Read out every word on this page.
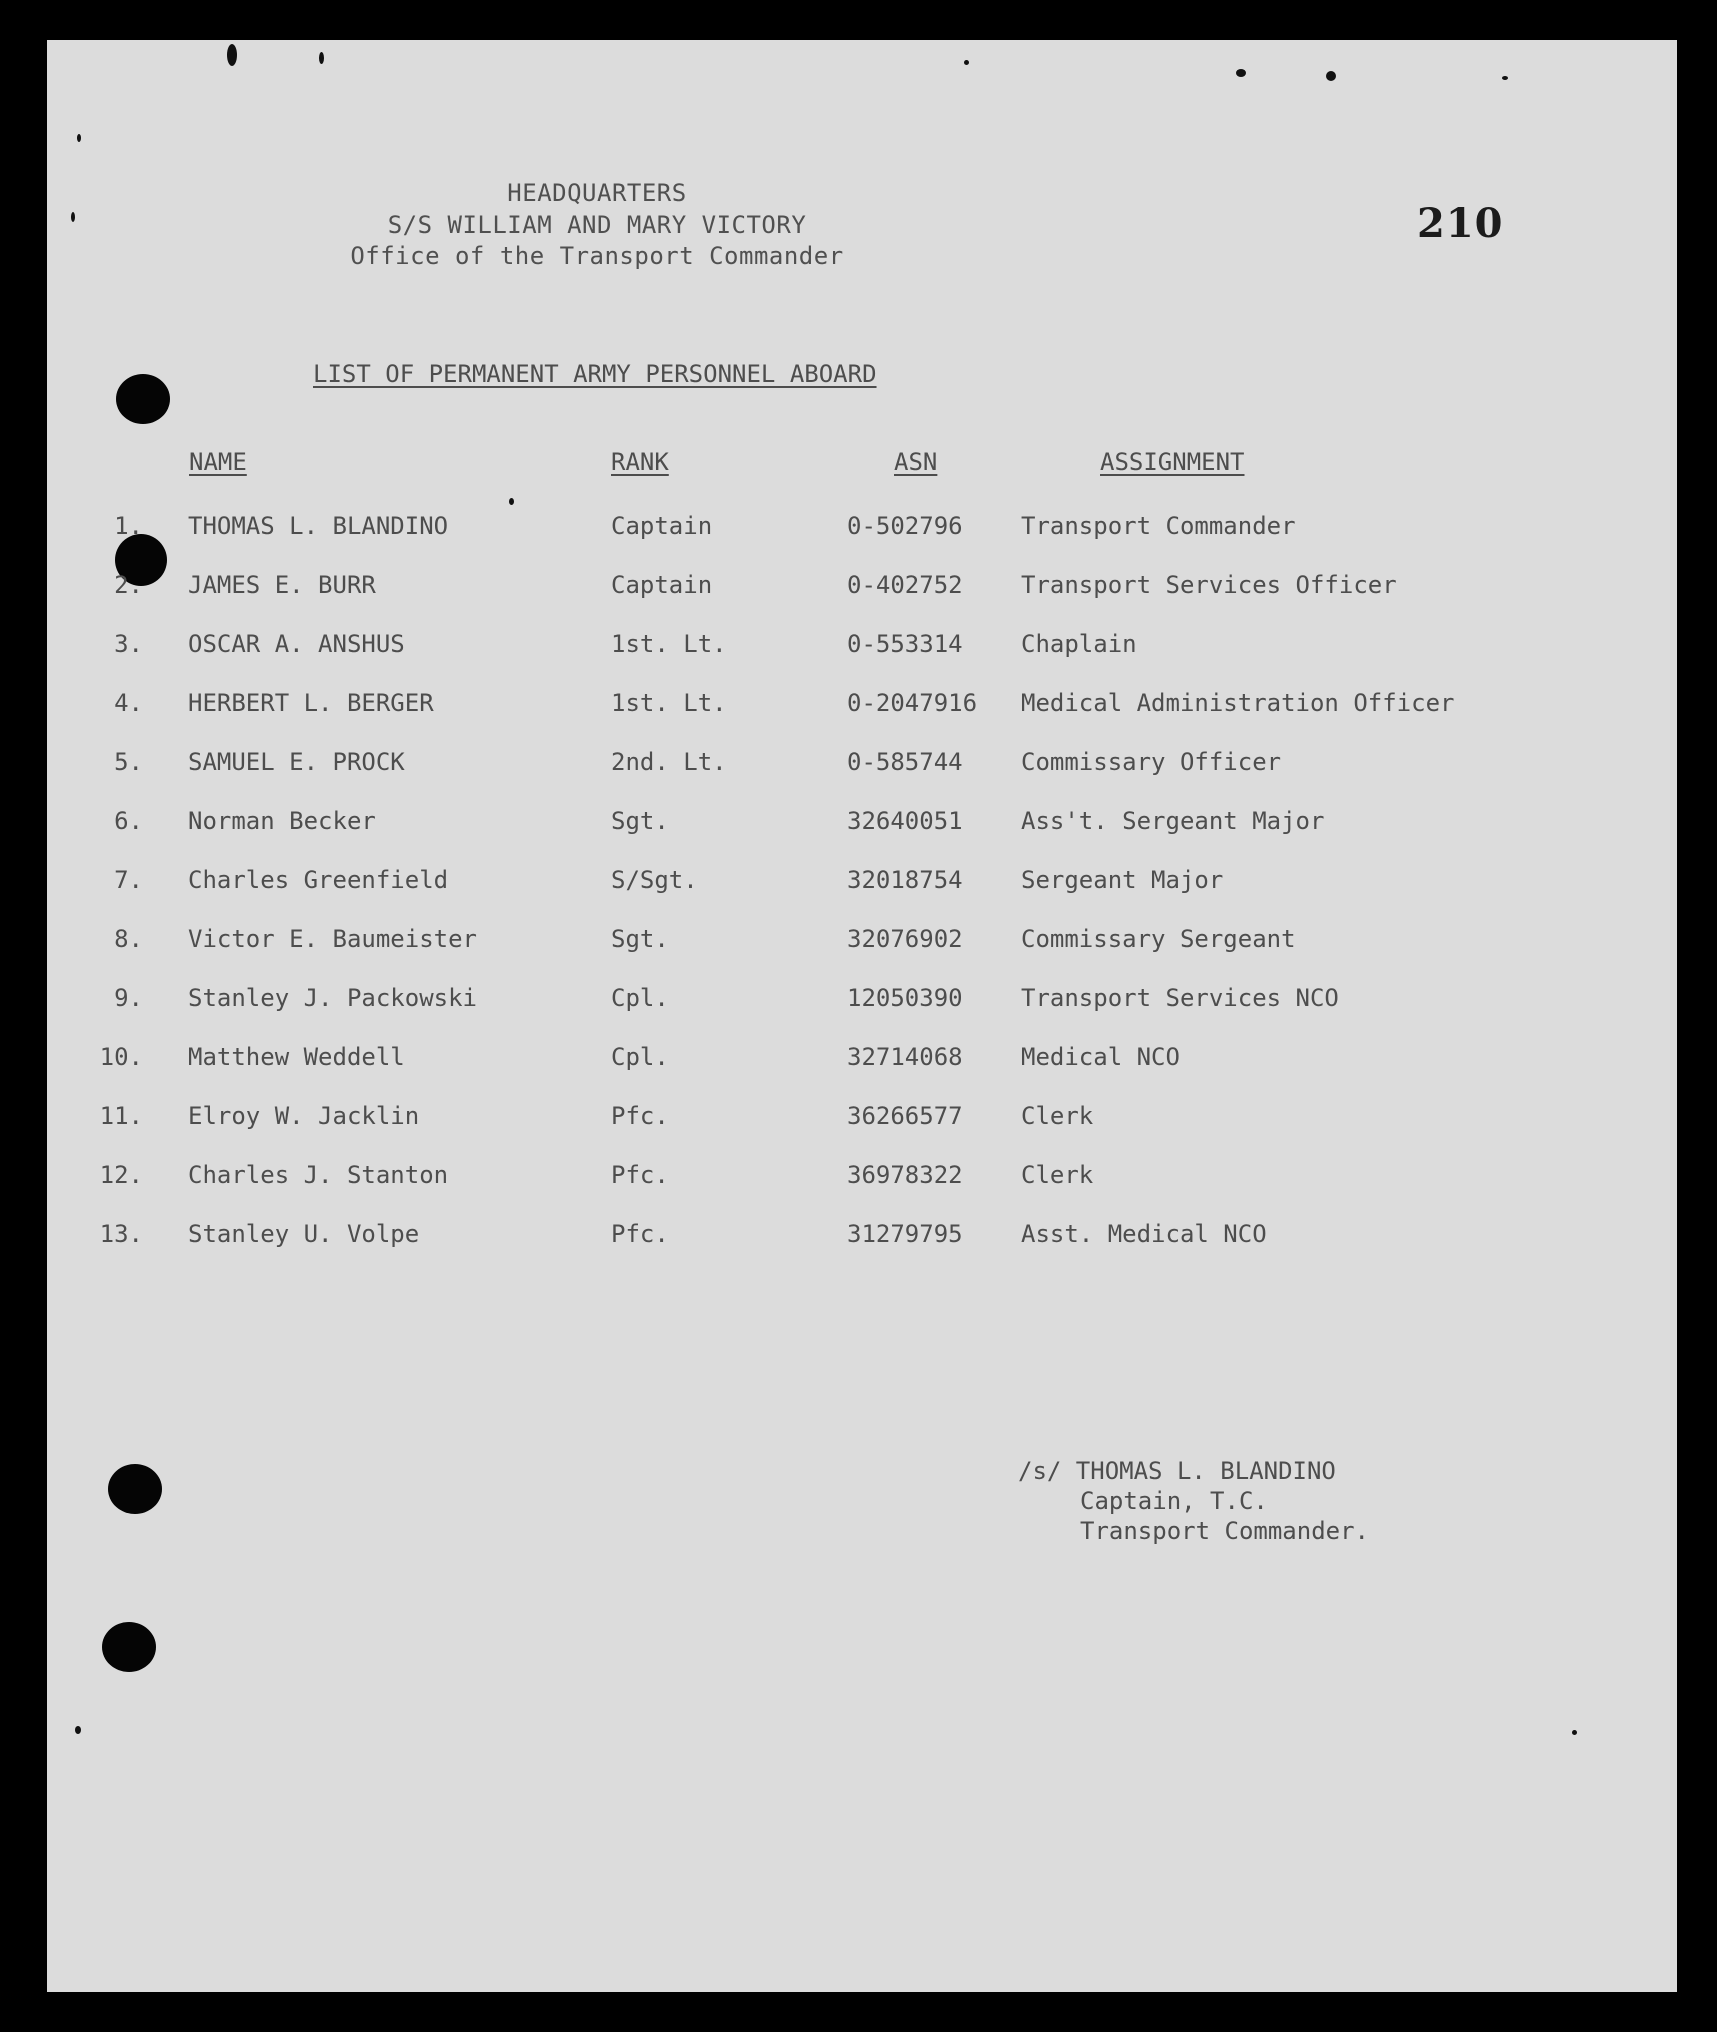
HEADQUARTERS
S/S WILLIAM AND MARY VICTORY
Office of the Transport Commander
210
LIST OF PERMANENT ARMY PERSONNEL ABOARD
NAME	RANK	ASN	ASSIGNMENT
1. THOMAS L. BLANDINO	Captain	0-502796 Transport Commander
2. JAMES E. BURR	Captain	0-402752 Transport Services Officer
3. OSCAR A. ANSHUS	1st. Lt.	0-553314 Chaplain
4. HERBERT L. BERGER	1st. Lt.	0-2047916 Medical Administration Officer
5. SAMUEL E. PROCK	2nd. Lt.	0-585744 Commissary Officer
6. Norman Becker	Sgt.	32640051 Ass't. Sergeant Major
7. Charles Greenfield	S/Sgt.	32018754 Sergeant Major
8. Victor E. Baumeister	Sgt.	32076902 Commissary Sergeant
9. Stanley J. Packowski	Cpl.	12050390 Transport Services NCO
10. Matthew Weddell	Cpl.	32714068 Medical NCO
11. Elroy W. Jacklin	Pfc.	36266577 Clerk
12. Charles J. Stanton	Pfc.	36978322 Clerk
13. Stanley U. Volpe	Pfc.	31279795 Asst. Medical NCO
/s/ THOMAS L. BLANDINO
Captain, T.C.
Transport Commander.
